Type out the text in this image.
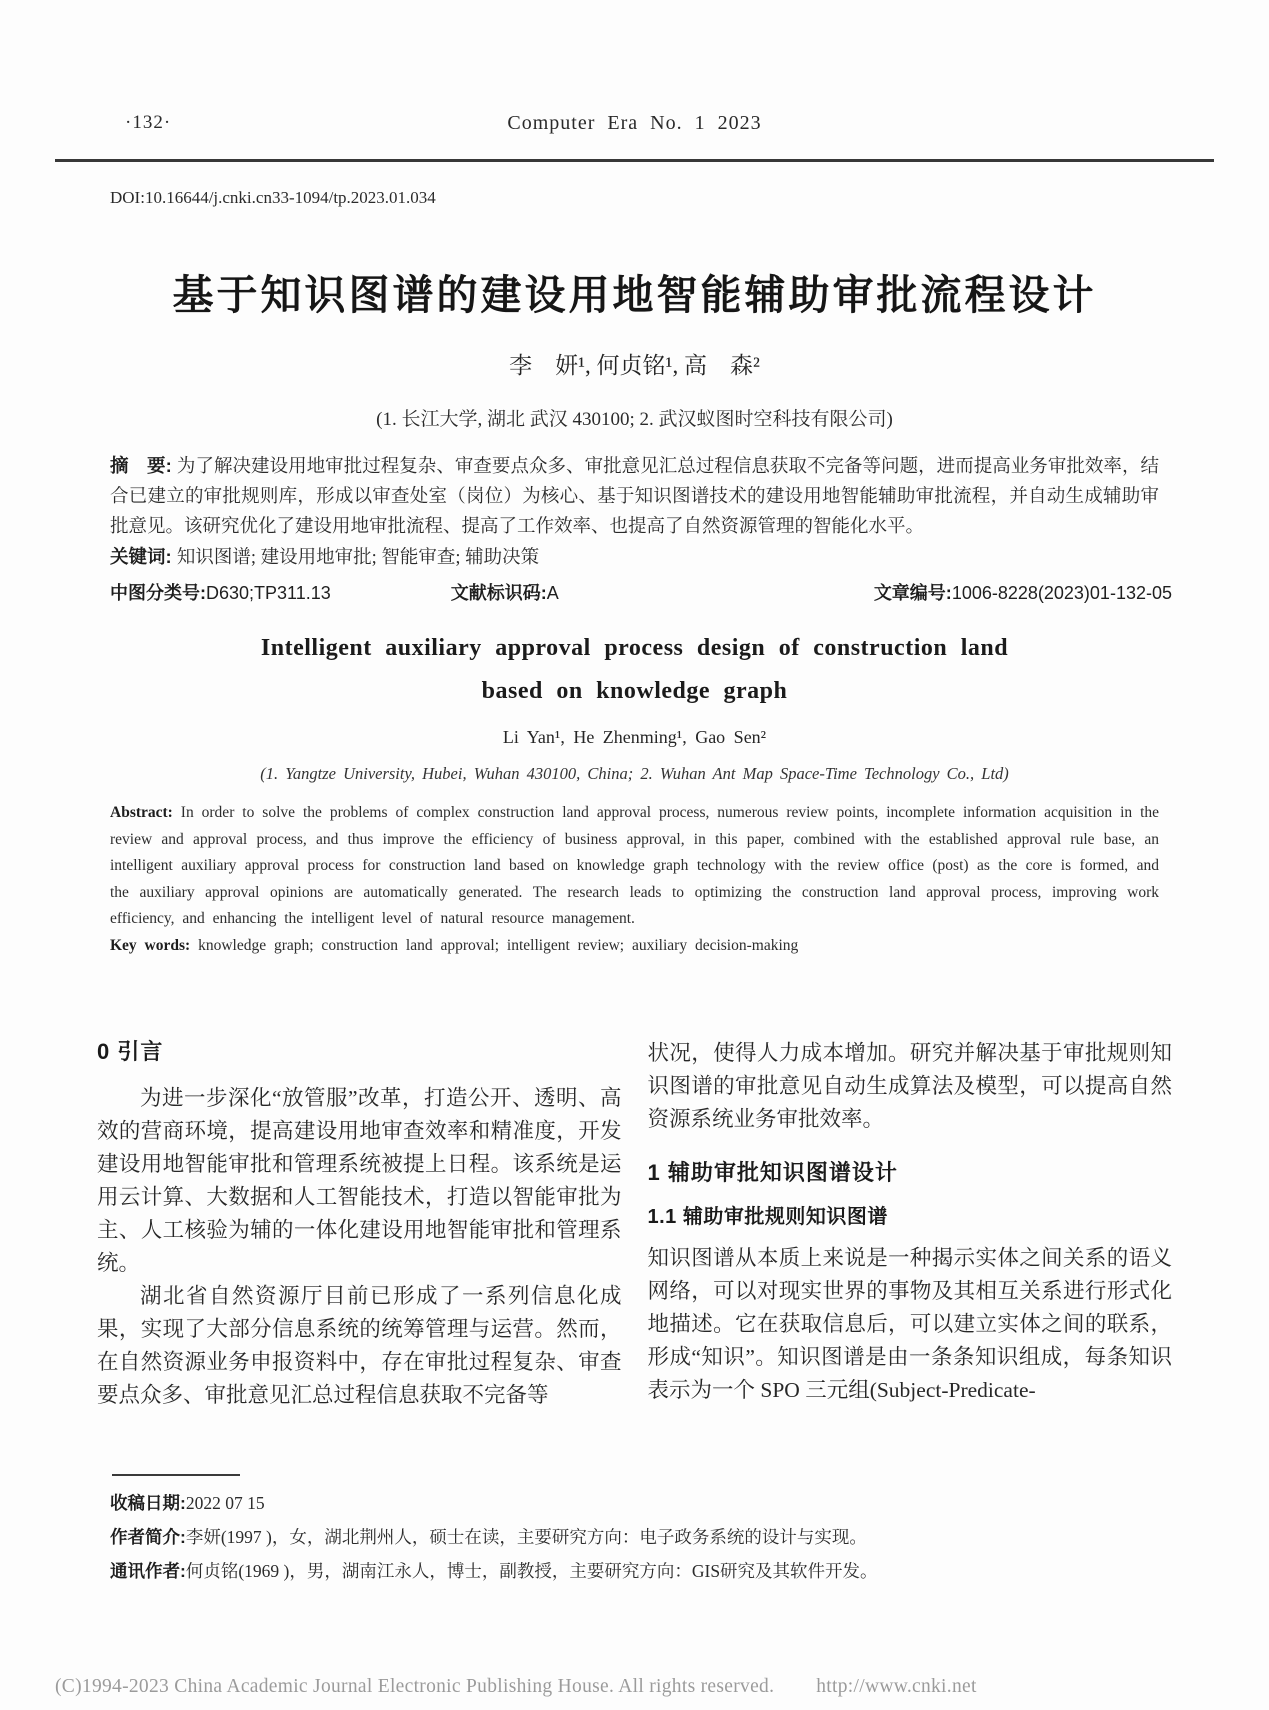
·132·	Computer Era No. 1 2023
DOI:10.16644/j.cnki.cn33-1094/tp.2023.01.034
基于知识图谱的建设用地智能辅助审批流程设计
李　妍¹, 何贞铭¹, 高　森²
(1. 长江大学, 湖北 武汉 430100; 2. 武汉蚁图时空科技有限公司)

摘　要: 为了解决建设用地审批过程复杂、审查要点众多、审批意见汇总过程信息获取不完备等问题，进而提高业务审批效率，结合已建立的审批规则库，形成以审查处室（岗位）为核心、基于知识图谱技术的建设用地智能辅助审批流程，并自动生成辅助审批意见。该研究优化了建设用地审批流程、提高了工作效率、也提高了自然资源管理的智能化水平。

关键词: 知识图谱; 建设用地审批; 智能审查; 辅助决策

中图分类号:D630;TP311.13	文献标识码:A	文章编号:1006-8228(2023)01-132-05
Intelligent auxiliary approval process design of construction land
based on knowledge graph
Li Yan¹, He Zhenming¹, Gao Sen²
(1. Yangtze University, Hubei, Wuhan 430100, China; 2. Wuhan Ant Map Space-Time Technology Co., Ltd)

Abstract: In order to solve the problems of complex construction land approval process, numerous review points, incomplete information acquisition in the review and approval process, and thus improve the efficiency of business approval, in this paper, combined with the established approval rule base, an intelligent auxiliary approval process for construction land based on knowledge graph technology with the review office (post) as the core is formed, and the auxiliary approval opinions are automatically generated. The research leads to optimizing the construction land approval process, improving work efficiency, and enhancing the intelligent level of natural resource management.

Key words: knowledge graph; construction land approval; intelligent review; auxiliary decision-making

0 引言

为进一步深化“放管服”改革，打造公开、透明、高效的营商环境，提高建设用地审查效率和精准度，开发建设用地智能审批和管理系统被提上日程。该系统是运用云计算、大数据和人工智能技术，打造以智能审批为主、人工核验为辅的一体化建设用地智能审批和管理系统。

湖北省自然资源厅目前已形成了一系列信息化成果，实现了大部分信息系统的统筹管理与运营。然而，在自然资源业务申报资料中，存在审批过程复杂、审查要点众多、审批意见汇总过程信息获取不完备等

状况，使得人力成本增加。研究并解决基于审批规则知识图谱的审批意见自动生成算法及模型，可以提高自然资源系统业务审批效率。

1 辅助审批知识图谱设计
1.1 辅助审批规则知识图谱

知识图谱从本质上来说是一种揭示实体之间关系的语义网络，可以对现实世界的事物及其相互关系进行形式化地描述。它在获取信息后，可以建立实体之间的联系，形成“知识”。知识图谱是由一条条知识组成，每条知识表示为一个 SPO 三元组(Subject-Predicate-

收稿日期:2022 07 15

作者简介:李妍(1997 )，女，湖北荆州人，硕士在读，主要研究方向：电子政务系统的设计与实现。

通讯作者:何贞铭(1969 )，男，湖南江永人，博士，副教授，主要研究方向：GIS研究及其软件开发。

(C)1994-2023 China Academic Journal Electronic Publishing House. All rights reserved. http://www.cnki.net
